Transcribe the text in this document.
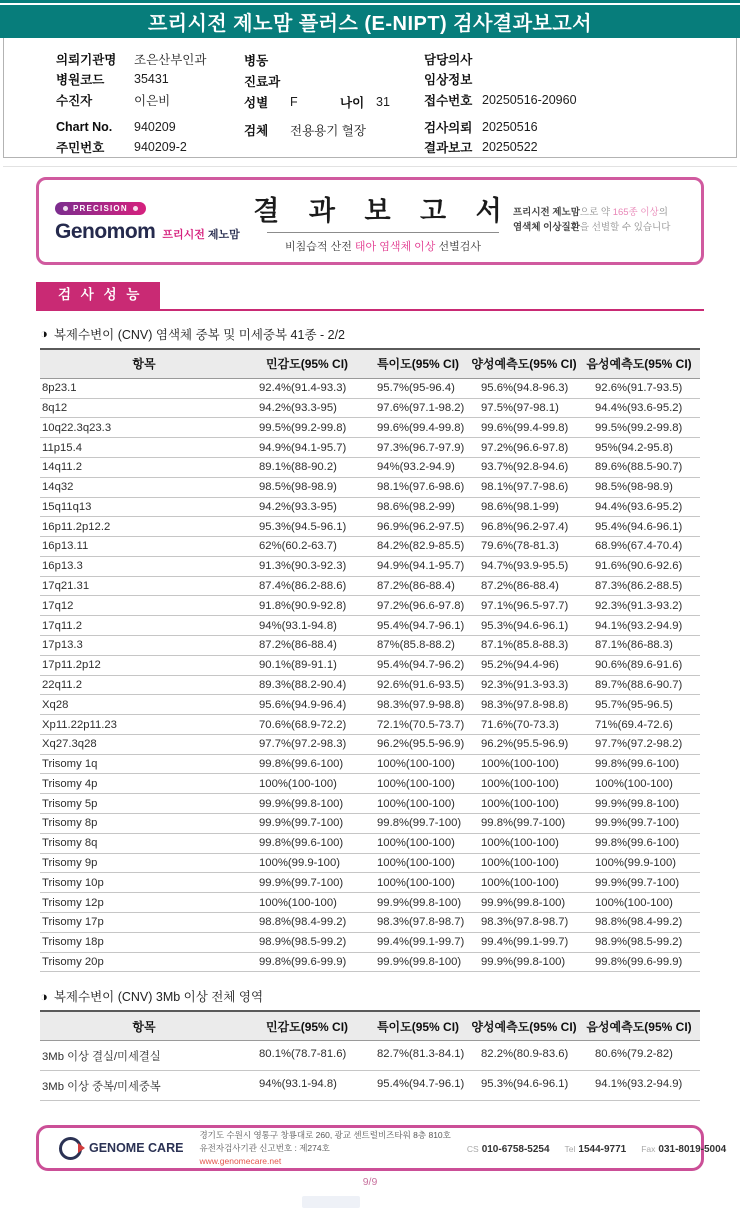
프리시전 제노맘 플러스 (E-NIPT) 검사결과보고서
의뢰기관명	조은산부인과
병원코드	35431
수진자	이은비
Chart No.	940209
주민번호	940209-2
병동
진료과
성별	F	나이 31
검체	전용용기 혈장
담당의사
임상정보
접수번호 20250516-20960
검사의뢰 20250516
결과보고 20250522
PRECISION
Genomom 프리시전 제노맘
결 과 보 고 서
비침습적 산전 태아 염색체 이상 선별검사
프리시전 제노맘으로 약 165종 이상의
염색체 이상질환을 선별할 수 있습니다
검 사 성 능
◑ 복제수변이 (CNV) 염색체 중복 및 미세중복 41종 - 2/2
항목	민감도(95% CI)	특이도(95% CI)	양성예측도(95% CI) 음성예측도(95% CI)
8p23.1	92.4%(91.4-93.3)	95.7%(95-96.4)	95.6%(94.8-96.3)	92.6%(91.7-93.5)
8q12	94.2%(93.3-95)	97.6%(97.1-98.2)	97.5%(97-98.1)	94.4%(93.6-95.2)
10q22.3q23.3	99.5%(99.2-99.8)	99.6%(99.4-99.8)	99.6%(99.4-99.8)	99.5%(99.2-99.8)
11p15.4	94.9%(94.1-95.7)	97.3%(96.7-97.9)	97.2%(96.6-97.8)	95%(94.2-95.8)
14q11.2	89.1%(88-90.2)	94%(93.2-94.9)	93.7%(92.8-94.6)	89.6%(88.5-90.7)
14q32	98.5%(98-98.9)	98.1%(97.6-98.6)	98.1%(97.7-98.6)	98.5%(98-98.9)
15q11q13	94.2%(93.3-95)	98.6%(98.2-99)	98.6%(98.1-99)	94.4%(93.6-95.2)
16p11.2p12.2	95.3%(94.5-96.1)	96.9%(96.2-97.5)	96.8%(96.2-97.4)	95.4%(94.6-96.1)
16p13.11	62%(60.2-63.7)	84.2%(82.9-85.5)	79.6%(78-81.3)	68.9%(67.4-70.4)
16p13.3	91.3%(90.3-92.3)	94.9%(94.1-95.7)	94.7%(93.9-95.5)	91.6%(90.6-92.6)
17q21.31	87.4%(86.2-88.6)	87.2%(86-88.4)	87.2%(86-88.4)	87.3%(86.2-88.5)
17q12	91.8%(90.9-92.8)	97.2%(96.6-97.8)	97.1%(96.5-97.7)	92.3%(91.3-93.2)
17q11.2	94%(93.1-94.8)	95.4%(94.7-96.1)	95.3%(94.6-96.1)	94.1%(93.2-94.9)
17p13.3	87.2%(86-88.4)	87%(85.8-88.2)	87.1%(85.8-88.3)	87.1%(86-88.3)
17p11.2p12	90.1%(89-91.1)	95.4%(94.7-96.2)	95.2%(94.4-96)	90.6%(89.6-91.6)
22q11.2	89.3%(88.2-90.4)	92.6%(91.6-93.5)	92.3%(91.3-93.3)	89.7%(88.6-90.7)
Xq28	95.6%(94.9-96.4)	98.3%(97.9-98.8)	98.3%(97.8-98.8)	95.7%(95-96.5)
Xp11.22p11.23	70.6%(68.9-72.2)	72.1%(70.5-73.7)	71.6%(70-73.3)	71%(69.4-72.6)
Xq27.3q28	97.7%(97.2-98.3)	96.2%(95.5-96.9)	96.2%(95.5-96.9)	97.7%(97.2-98.2)
Trisomy 1q	99.8%(99.6-100)	100%(100-100)	100%(100-100)	99.8%(99.6-100)
Trisomy 4p	100%(100-100)	100%(100-100)	100%(100-100)	100%(100-100)
Trisomy 5p	99.9%(99.8-100)	100%(100-100)	100%(100-100)	99.9%(99.8-100)
Trisomy 8p	99.9%(99.7-100)	99.8%(99.7-100)	99.8%(99.7-100)	99.9%(99.7-100)
Trisomy 8q	99.8%(99.6-100)	100%(100-100)	100%(100-100)	99.8%(99.6-100)
Trisomy 9p	100%(99.9-100)	100%(100-100)	100%(100-100)	100%(99.9-100)
Trisomy 10p	99.9%(99.7-100)	100%(100-100)	100%(100-100)	99.9%(99.7-100)
Trisomy 12p	100%(100-100)	99.9%(99.8-100)	99.9%(99.8-100)	100%(100-100)
Trisomy 17p	98.8%(98.4-99.2)	98.3%(97.8-98.7)	98.3%(97.8-98.7)	98.8%(98.4-99.2)
Trisomy 18p	98.9%(98.5-99.2)	99.4%(99.1-99.7)	99.4%(99.1-99.7)	98.9%(98.5-99.2)
Trisomy 20p	99.8%(99.6-99.9)	99.9%(99.8-100)	99.9%(99.8-100)	99.8%(99.6-99.9)
◑ 복제수변이 (CNV) 3Mb 이상 전체 영역
항목	민감도(95% CI)	특이도(95% CI)	양성예측도(95% CI) 음성예측도(95% CI)
3Mb 이상 결실/미세결실	80.1%(78.7-81.6)	82.7%(81.3-84.1)	82.2%(80.9-83.6)	80.6%(79.2-82)
3Mb 이상 중복/미세중복	94%(93.1-94.8)	95.4%(94.7-96.1)	95.3%(94.6-96.1)	94.1%(93.2-94.9)
GENOME CARE
경기도 수원시 영통구 창룡대로 260, 광교 센트럴비즈타워 8층 810호
유전자검사기관 신고번호 : 제274호
www.genomecare.net
CS 010-6758-5254 Tel 1544-9771 Fax 031-8019-5004
9/9
